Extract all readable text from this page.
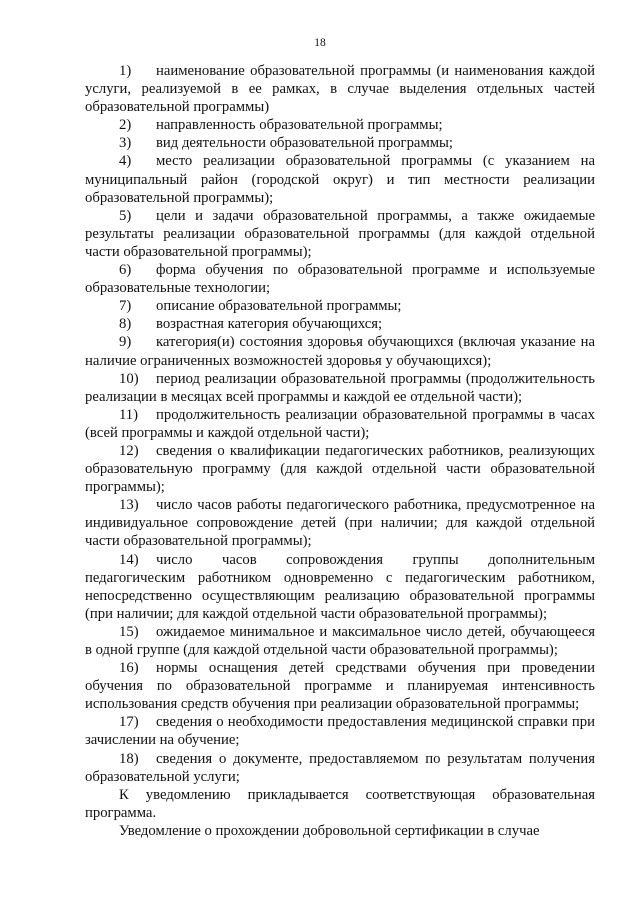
18

1) наименование образовательной программы (и наименования каждой услуги, реализуемой в ее рамках, в случае выделения отдельных частей образовательной программы)

2) направленность образовательной программы;

3) вид деятельности образовательной программы;

4) место реализации образовательной программы (с указанием на муниципальный район (городской округ) и тип местности реализации образовательной программы);

5) цели и задачи образовательной программы, а также ожидаемые результаты реализации образовательной программы (для каждой отдельной части образовательной программы);

6) форма обучения по образовательной программе и используемые образовательные технологии;

7) описание образовательной программы;

8) возрастная категория обучающихся;

9) категория(и) состояния здоровья обучающихся (включая указание на наличие ограниченных возможностей здоровья у обучающихся);

10) период реализации образовательной программы (продолжительность реализации в месяцах всей программы и каждой ее отдельной части);

11) продолжительность реализации образовательной программы в часах (всей программы и каждой отдельной части);

12) сведения о квалификации педагогических работников, реализующих образовательную программу (для каждой отдельной части образовательной программы);

13) число часов работы педагогического работника, предусмотренное на индивидуальное сопровождение детей (при наличии; для каждой отдельной части образовательной программы);

14) число часов сопровождения группы дополнительным педагогическим работником одновременно с педагогическим работником, непосредственно осуществляющим реализацию образовательной программы (при наличии; для каждой отдельной части образовательной программы);

15) ожидаемое минимальное и максимальное число детей, обучающееся в одной группе (для каждой отдельной части образовательной программы);

16) нормы оснащения детей средствами обучения при проведении обучения по образовательной программе и планируемая интенсивность использования средств обучения при реализации образовательной программы;

17) сведения о необходимости предоставления медицинской справки при зачислении на обучение;

18) сведения о документе, предоставляемом по результатам получения образовательной услуги;

К уведомлению прикладывается соответствующая образовательная программа.

Уведомление о прохождении добровольной сертификации в случае
